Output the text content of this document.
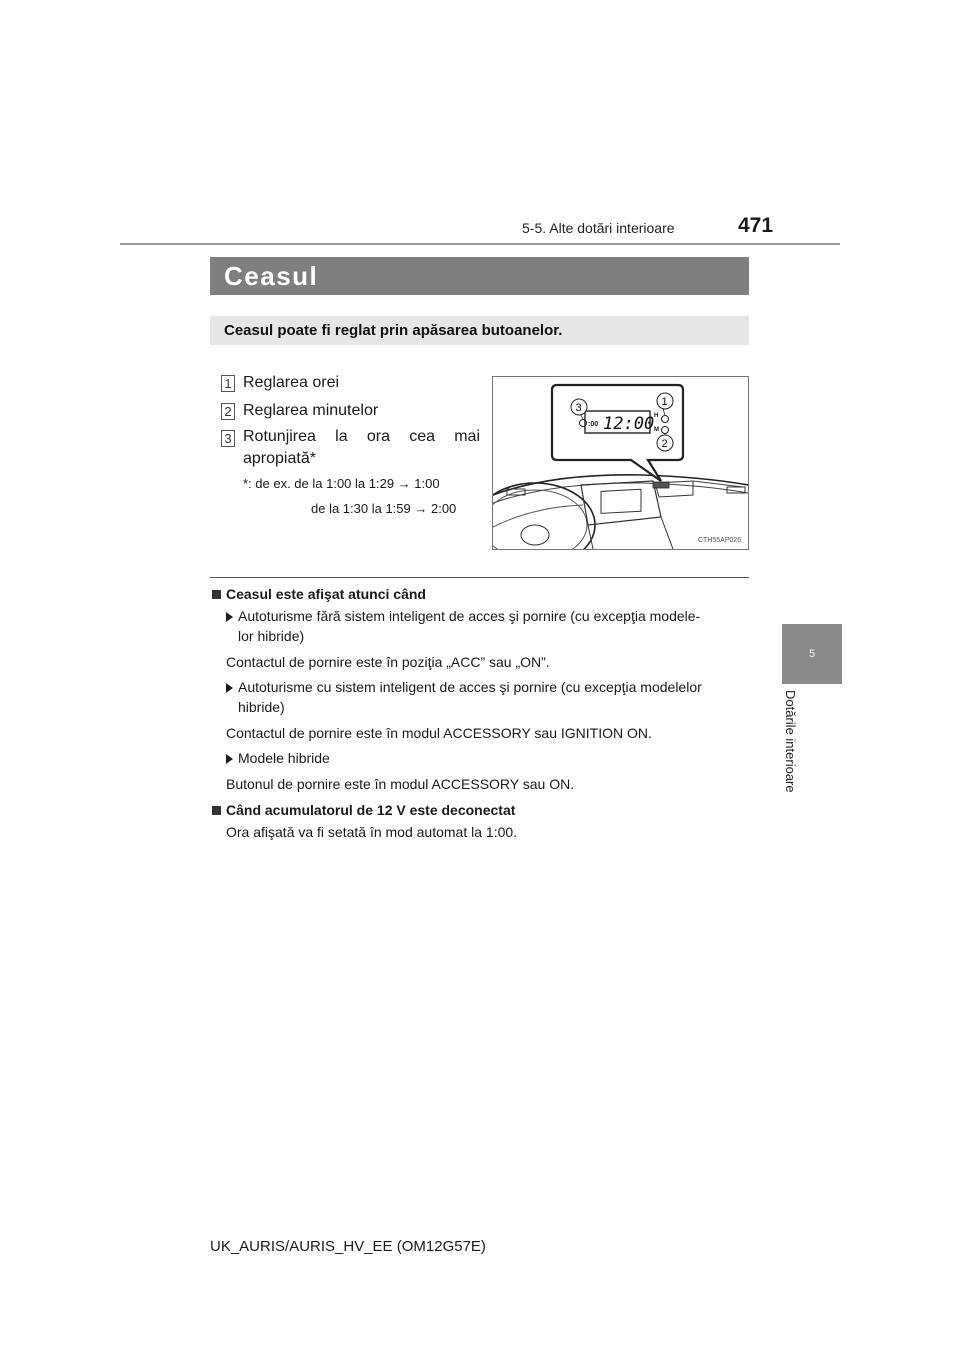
5-5. Alte dotări interioare	471
5
Dotările interioare
Ceasul
Ceasul poate fi reglat prin apăsarea butoanelor.
1 Reglarea orei
2 Reglarea minutelor
3 Rotunjirea la ora cea mai
apropiată*
*: de ex. de la 1:00 la 1:29 → 1:00
de la 1:30 la 1:59 → 2:00
12:00
:00
H
M
1
2
3
CTH55AP026
Ceasul este afişat atunci când
Autoturisme fără sistem inteligent de acces şi pornire (cu excepţia modele-
lor hibride)
Contactul de pornire este în poziţia „ACC” sau „ON”.
Autoturisme cu sistem inteligent de acces şi pornire (cu excepţia modelelor
hibride)
Contactul de pornire este în modul ACCESSORY sau IGNITION ON.
Modele hibride
Butonul de pornire este în modul ACCESSORY sau ON.
Când acumulatorul de 12 V este deconectat
Ora afişată va fi setată în mod automat la 1:00.
UK_AURIS/AURIS_HV_EE (OM12G57E)
